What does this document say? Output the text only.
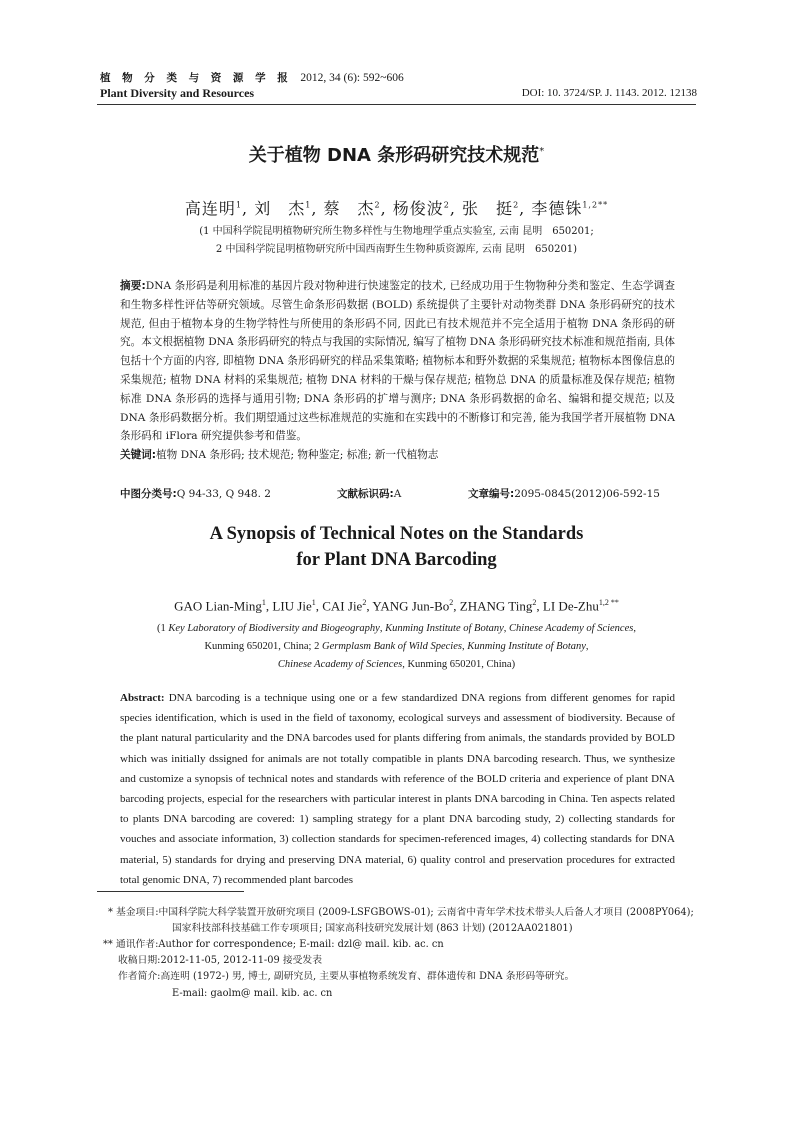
植 物 分 类 与 资 源 学 报 2012, 34 (6): 592~606
Plant Diversity and Resources	DOI: 10. 3724/SP. J. 1143. 2012. 12138
关于植物 DNA 条形码研究技术规范*
高连明$^1$, 刘　杰$^1$, 蔡　杰$^2$, 杨俊波$^2$, 张　挺$^2$, 李德铢$^{1,2**}$
(1 中国科学院昆明植物研究所生物多样性与生物地理学重点实验室, 云南 昆明　650201;
2 中国科学院昆明植物研究所中国西南野生生物种质资源库, 云南 昆明　650201)
摘要:DNA 条形码是利用标准的基因片段对物种进行快速鉴定的技术, 已经成功用于生物物种分类和鉴定、生态学调查和生物多样性评估等研究领域。尽管生命条形码数据 (BOLD) 系统提供了主要针对动物类群 DNA 条形码研究的技术规范, 但由于植物本身的生物学特性与所使用的条形码不同, 因此已有技术规范并不完全适用于植物 DNA 条形码的研究。本文根据植物 DNA 条形码研究的特点与我国的实际情况, 编写了植物 DNA 条形码研究技术标准和规范指南, 具体包括十个方面的内容, 即植物 DNA 条形码研究的样品采集策略; 植物标本和野外数据的采集规范; 植物标本图像信息的采集规范; 植物 DNA 材料的采集规范; 植物 DNA 材料的干燥与保存规范; 植物总 DNA 的质量标准及保存规范; 植物标准 DNA 条形码的选择与通用引物; DNA 条形码的扩增与测序; DNA 条形码数据的命名、编辑和提交规范; 以及 DNA 条形码数据分析。我们期望通过这些标准规范的实施和在实践中的不断修订和完善, 能为我国学者开展植物 DNA 条形码和 iFlora 研究提供参考和借鉴。
关键词:植物 DNA 条形码; 技术规范; 物种鉴定; 标准; 新一代植物志
中图分类号:Q 94-33, Q 948. 2	文献标识码:A	文章编号:2095-0845(2012)06-592-15
A Synopsis of Technical Notes on the Standards
for Plant DNA Barcoding
GAO Lian-Ming$^1$, LIU Jie$^1$, CAI Jie$^2$, YANG Jun-Bo$^2$, ZHANG Ting$^2$, LI De-Zhu$^{1,2 **}$
(1 Key Laboratory of Biodiversity and Biogeography, Kunming Institute of Botany, Chinese Academy of Sciences,
Kunming 650201, China; 2 Germplasm Bank of Wild Species, Kunming Institute of Botany,
Chinese Academy of Sciences, Kunming 650201, China)
Abstract: DNA barcoding is a technique using one or a few standardized DNA regions from different genomes for rapid species identification, which is used in the field of taxonomy, ecological surveys and assessment of biodiversity. Because of the plant natural particularity and the DNA barcodes used for plants differing from animals, the standards provided by BOLD which was initially dssigned for animals are not totally compatible in plants DNA barcoding research. Thus, we synthesize and customize a synopsis of technical notes and standards with reference of the BOLD criteria and experience of plant DNA barcoding projects, especial for the researchers with particular interest in plants DNA barcoding in China. Ten aspects related to plants DNA barcoding are covered: 1) sampling strategy for a plant DNA barcoding study, 2) collecting standards for vouches and associate information, 3) collection standards for specimen-referenced images, 4) collecting standards for DNA material, 5) standards for drying and preserving DNA material, 6) quality control and preservation procedures for extracted total genomic DNA, 7) recommended plant barcodes
* 基金项目:中国科学院大科学装置开放研究项目 (2009-LSFGBOWS-01); 云南省中青年学术技术带头人后备人才项目 (2008PY064);
国家科技部科技基础工作专项项目; 国家高科技研究发展计划 (863 计划) (2012AA021801)
** 通讯作者:Author for correspondence; E-mail: dzl@ mail. kib. ac. cn
收稿日期:2012-11-05, 2012-11-09 接受发表
作者简介:高连明 (1972-) 男, 博士, 副研究员, 主要从事植物系统发育、群体遗传和 DNA 条形码等研究。
E-mail: gaolm@ mail. kib. ac. cn
